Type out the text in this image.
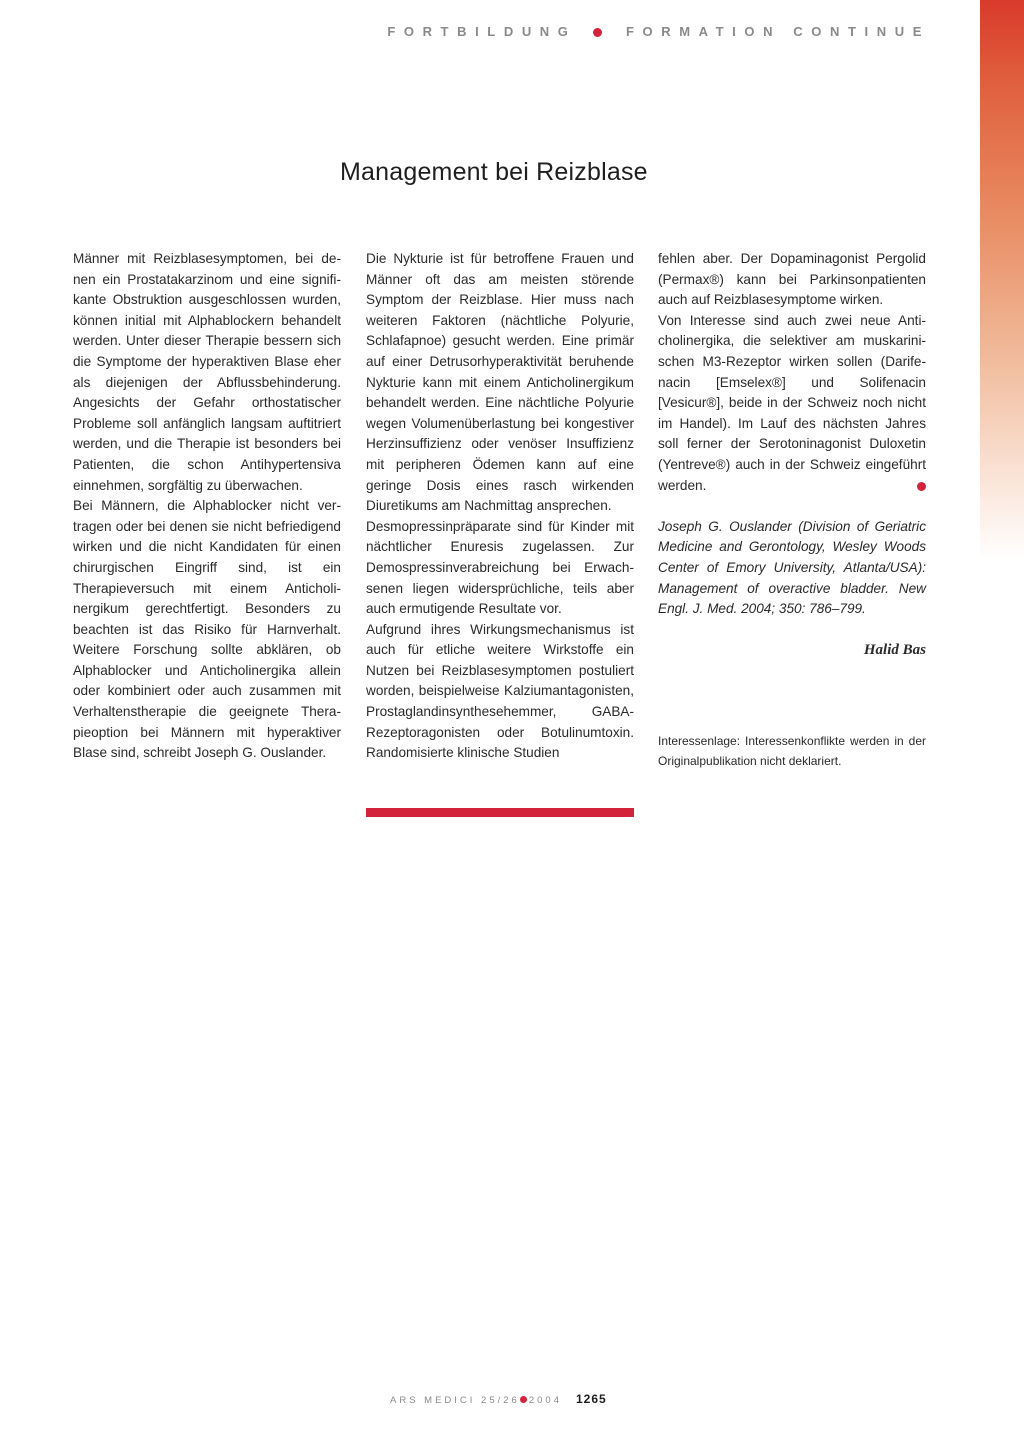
FORTBILDUNG	FORMATION CONTINUE
Management bei Reizblase

Männer mit Reizblasesymptomen, bei denen ein Prostatakarzinom und eine signifikante Obstruktion ausgeschlossen wurden, können initial mit Alphablockern behandelt werden. Unter dieser Therapie bessern sich die Symptome der hyperaktiven Blase eher als diejenigen der Abflussbehinderung. Angesichts der Gefahr orthostatischer Probleme soll anfänglich langsam auftitriert werden, und die Therapie ist besonders bei Patienten, die schon Antihypertensiva einnehmen, sorgfältig zu überwachen.

Bei Männern, die Alphablocker nicht vertragen oder bei denen sie nicht befriedigend wirken und die nicht Kandidaten für einen chirurgischen Eingriff sind, ist ein Therapieversuch mit einem Anticholinergikum gerechtfertigt. Besonders zu beachten ist das Risiko für Harnverhalt. Weitere Forschung sollte abklären, ob Alphablocker und Anticholinergika allein oder kombiniert oder auch zusammen mit Verhaltenstherapie die geeignete Therapieoption bei Männern mit hyperaktiver Blase sind, schreibt Joseph G. Ouslander.

Die Nykturie ist für betroffene Frauen und Männer oft das am meisten störende Symptom der Reizblase. Hier muss nach weiteren Faktoren (nächtliche Polyurie, Schlafapnoe) gesucht werden. Eine primär auf einer Detrusorhyperaktivität beruhende Nykturie kann mit einem Anticholinergikum behandelt werden. Eine nächtliche Polyurie wegen Volumenüberlastung bei kongestiver Herzinsuffizienz oder venöser Insuffizienz mit peripheren Ödemen kann auf eine geringe Dosis eines rasch wirkenden Diuretikums am Nachmittag ansprechen.

Desmopressinpräparate sind für Kinder mit nächtlicher Enuresis zugelassen. Zur Demospressinverabreichung bei Erwachsenen liegen widersprüchliche, teils aber auch ermutigende Resultate vor.

Aufgrund ihres Wirkungsmechanismus ist auch für etliche weitere Wirkstoffe ein Nutzen bei Reizblasesymptomen postuliert worden, beispielweise Kalziumantagonisten, Prostaglandinsynthesehemmer, GABA-Rezeptoragonisten oder Botulinumtoxin. Randomisierte klinische Studien

fehlen aber. Der Dopaminagonist Pergolid (Permax®) kann bei Parkinsonpatienten auch auf Reizblasesymptome wirken.

Von Interesse sind auch zwei neue Anticholinergika, die selektiver am muskarinischen M3-Rezeptor wirken sollen (Darifenacin [Emselex®] und Solifenacin [Vesicur®], beide in der Schweiz noch nicht im Handel). Im Lauf des nächsten Jahres soll ferner der Serotoninagonist Duloxetin (Yentreve®) auch in der Schweiz eingeführt werden.

Joseph G. Ouslander (Division of Geriatric Medicine and Gerontology, Wesley Woods Center of Emory University, Atlanta/USA): Management of overactive bladder. New Engl. J. Med. 2004; 350: 786–799.

Halid Bas

Interessenlage: Interessenkonflikte werden in der Originalpublikation nicht deklariert.

ARS MEDICI 25/26 2004 1265
